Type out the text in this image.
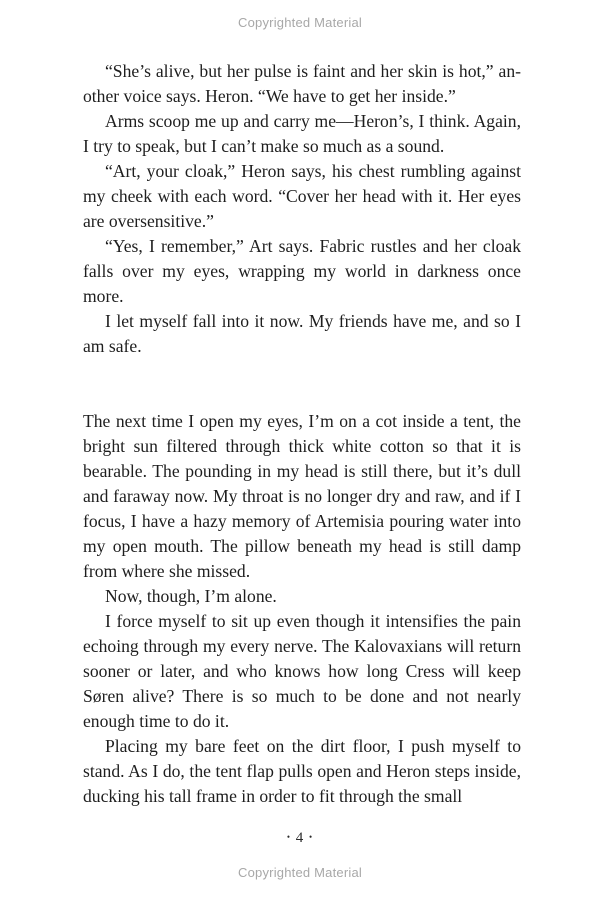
Copyrighted Material

“She’s alive, but her pulse is faint and her skin is hot,” another voice says. Heron. “We have to get her inside.”

Arms scoop me up and carry me—Heron’s, I think. Again, I try to speak, but I can’t make so much as a sound.

“Art, your cloak,” Heron says, his chest rumbling against my cheek with each word. “Cover her head with it. Her eyes are oversensitive.”

“Yes, I remember,” Art says. Fabric rustles and her cloak falls over my eyes, wrapping my world in darkness once more.

I let myself fall into it now. My friends have me, and so I am safe.

The next time I open my eyes, I’m on a cot inside a tent, the bright sun filtered through thick white cotton so that it is bearable. The pounding in my head is still there, but it’s dull and faraway now. My throat is no longer dry and raw, and if I focus, I have a hazy memory of Artemisia pouring water into my open mouth. The pillow beneath my head is still damp from where she missed.

Now, though, I’m alone.

I force myself to sit up even though it intensifies the pain echoing through my every nerve. The Kalovaxians will return sooner or later, and who knows how long Cress will keep Søren alive? There is so much to be done and not nearly enough time to do it.

Placing my bare feet on the dirt floor, I push myself to stand. As I do, the tent flap pulls open and Heron steps inside, ducking his tall frame in order to fit through the small

• 4 •
Copyrighted Material
